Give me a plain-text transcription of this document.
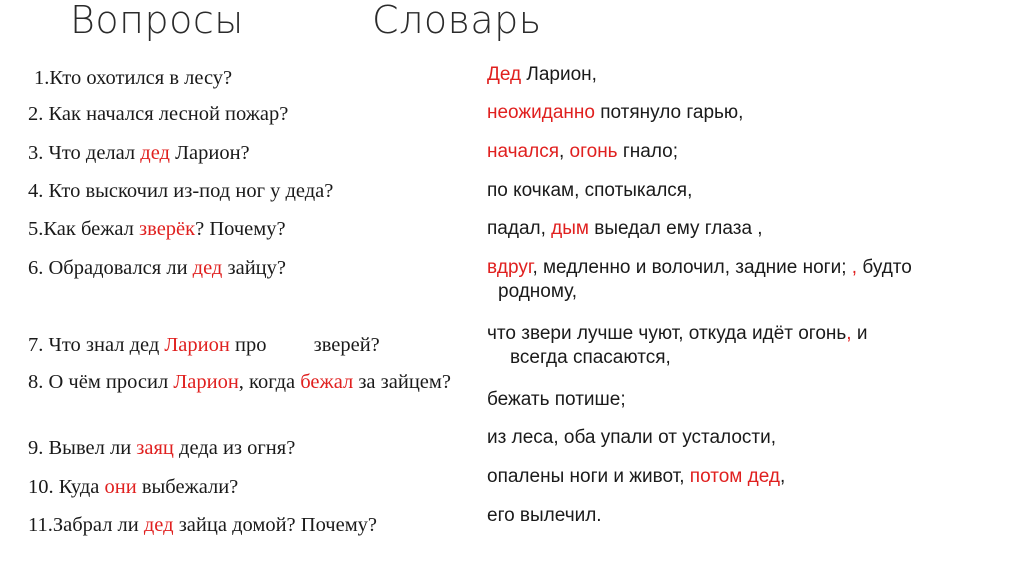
Вопросы	Словарь
1.Кто охотился в лесу?
2. Как начался лесной пожар?
3. Что делал дед Ларион?
4. Кто выскочил из-под ног у деда?
5.Как бежал зверёк? Почему?
6. Обрадовался ли дед зайцу?
7. Что знал дед Ларион про зверей?
8. О чём просил Ларион, когда бежал за зайцем?
9. Вывел ли заяц деда из огня?
10. Куда они выбежали?
11.Забрал ли дед зайца домой? Почему?
Дед Ларион,
неожиданно потянуло гарью,
начался, огонь гнало;
по кочкам, спотыкался,
падал, дым выедал ему глаза ,
вдруг, медленно и волочил, задние ноги; , будто
родному,
что звери лучше чуют, откуда идёт огонь, и
всегда спасаются,
бежать потише;
из леса, оба упали от усталости,
опалены ноги и живот, потом дед,
его вылечил.
